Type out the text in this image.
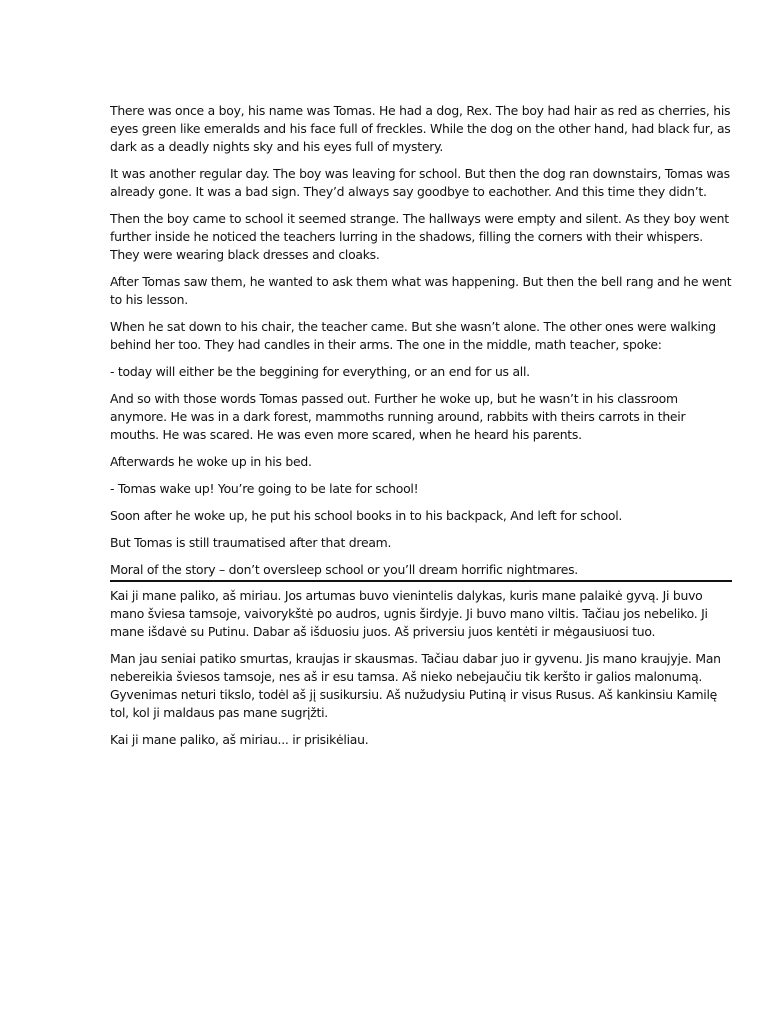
There was once a boy, his name was Tomas. He had a dog, Rex. The boy had hair as red as cherries, his eyes green like emeralds and his face full of freckles. While the dog on the other hand, had black fur, as dark as a deadly nights sky and his eyes full of mystery.

It was another regular day. The boy was leaving for school. But then the dog ran downstairs, Tomas was already gone. It was a bad sign. They’d always say goodbye to eachother. And this time they didn’t.

Then the boy came to school it seemed strange. The hallways were empty and silent. As they boy went further inside he noticed the teachers lurring in the shadows, filling the corners with their whispers. They were wearing black dresses and cloaks.

After Tomas saw them, he wanted to ask them what was happening. But then the bell rang and he went to his lesson.

When he sat down to his chair, the teacher came. But she wasn’t alone. The other ones were walking behind her too. They had candles in their arms. The one in the middle, math teacher, spoke:

- today will either be the beggining for everything, or an end for us all.

And so with those words Tomas passed out. Further he woke up, but he wasn’t in his classroom anymore. He was in a dark forest, mammoths running around, rabbits with theirs carrots in their mouths. He was scared. He was even more scared, when he heard his parents.

Afterwards he woke up in his bed.

- Tomas wake up! You’re going to be late for school!

Soon after he woke up, he put his school books in to his backpack, And left for school.

But Tomas is still traumatised after that dream.

Moral of the story – don’t oversleep school or you’ll dream horrific nightmares.

Kai ji mane paliko, aš miriau. Jos artumas buvo vienintelis dalykas, kuris mane palaikė gyvą. Ji buvo mano šviesa tamsoje, vaivorykštė po audros, ugnis širdyje. Ji buvo mano viltis. Tačiau jos nebeliko. Ji mane išdavė su Putinu. Dabar aš išduosiu juos. Aš priversiu juos kentėti ir mėgausiuosi tuo.

Man jau seniai patiko smurtas, kraujas ir skausmas. Tačiau dabar juo ir gyvenu. Jis mano kraujyje. Man nebereikia šviesos tamsoje, nes aš ir esu tamsa. Aš nieko nebejaučiu tik keršto ir galios malonumą. Gyvenimas neturi tikslo, todėl aš jį susikursiu. Aš nužudysiu Putiną ir visus Rusus. Aš kankinsiu Kamilę tol, kol ji maldaus pas mane sugrįžti.

Kai ji mane paliko, aš miriau... ir prisikėliau.
